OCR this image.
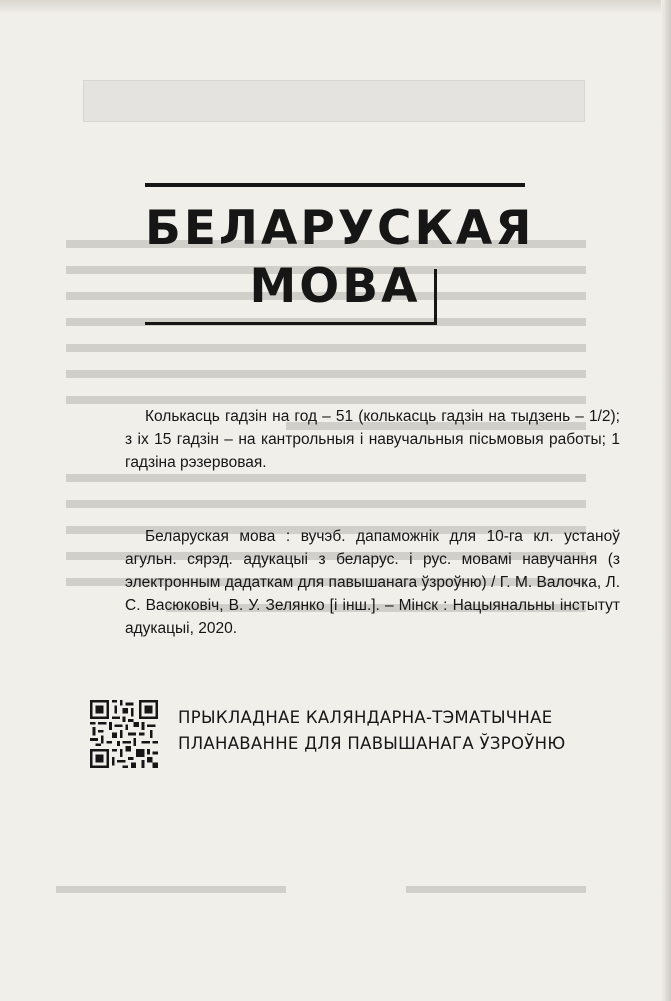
БЕЛАРУСКАЯ
МОВА

Колькасць гадзін на год – 51 (колькасць гадзін на тыдзень – 1/2); з іх 15 гадзін – на кантрольныя і навучальныя пісьмовыя работы; 1 гадзіна рэзервовая.

Беларуская мова : вучэб. дапаможнік для 10-га кл. устаноў агульн. сярэд. адукацыі з беларус. і рус. мовамі навучання (з электронным дадаткам для павышанага ўзроўню) / Г. М. Валочка, Л. С. Васюковіч, В. У. Зелянко [і інш.]. – Мінск : Нацыянальны інстытут адукацыі, 2020.

ПРЫКЛАДНАЕ КАЛЯНДАРНА-ТЭМАТЫЧНАЕ
ПЛАНАВАННЕ ДЛЯ ПАВЫШАНАГА ЎЗРОЎНЮ
